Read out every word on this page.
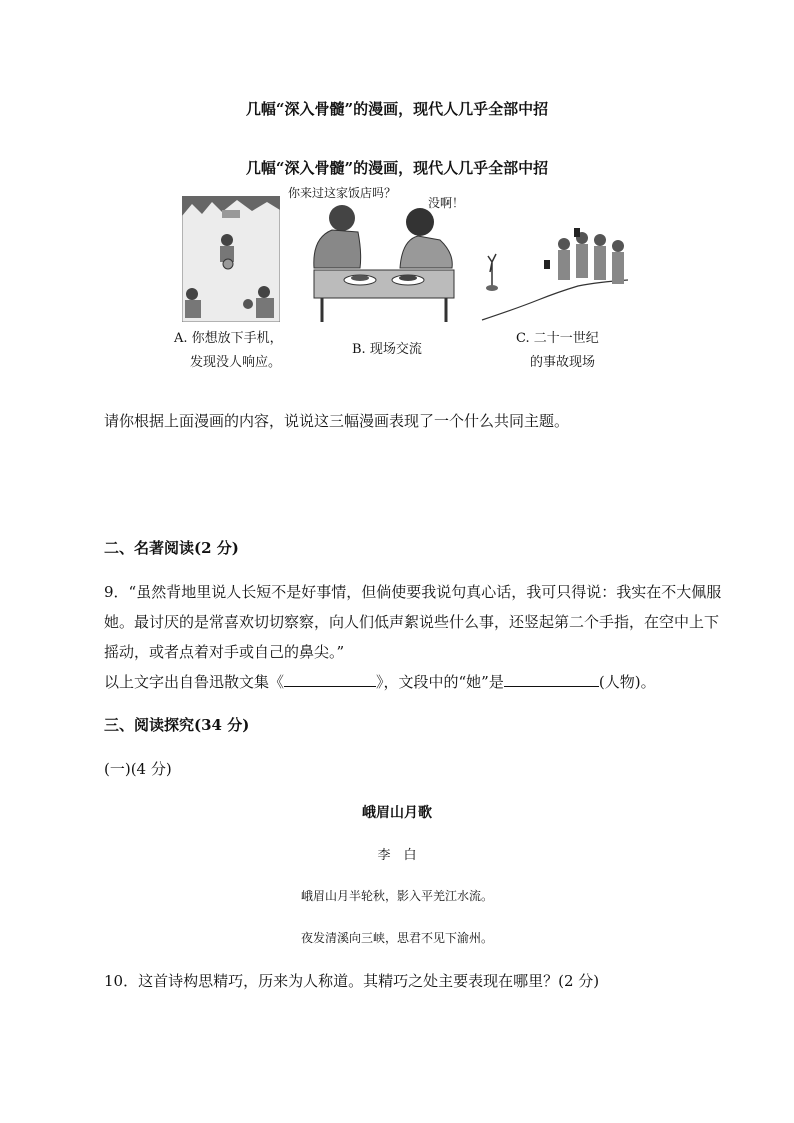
几幅“深入骨髓”的漫画，现代人几乎全部中招
几幅“深入骨髓”的漫画，现代人几乎全部中招
你来过这家饭店吗？
没啊！
A. 你想放下手机，
发现没人响应。
B. 现场交流
C. 二十一世纪
的事故现场
请你根据上面漫画的内容，说说这三幅漫画表现了一个什么共同主题。
二、名著阅读(2 分)
9．“虽然背地里说人长短不是好事情，但倘使要我说句真心话，我可只得说：我实在不大佩服她。最讨厌的是常喜欢切切察察，向人们低声絮说些什么事，还竖起第二个手指，在空中上下摇动，或者点着对手或自己的鼻尖。”
以上文字出自鲁迅散文集《	》，文段中的“她”是	(人物)。
三、阅读探究(34 分)
(一)(4 分)
峨眉山月歌
李　白
峨眉山月半轮秋，影入平羌江水流。
夜发清溪向三峡，思君不见下渝州。
10．这首诗构思精巧，历来为人称道。其精巧之处主要表现在哪里？(2 分)
